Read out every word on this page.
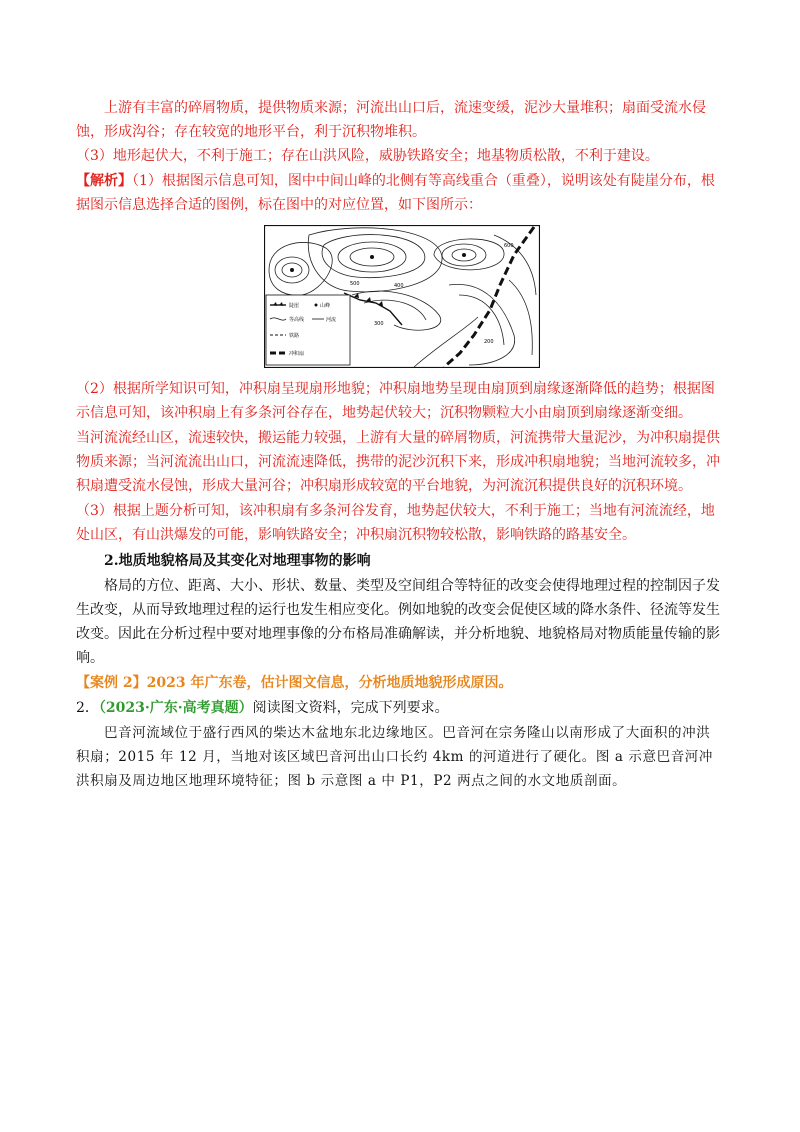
上游有丰富的碎屑物质，提供物质来源；河流出山口后，流速变缓，泥沙大量堆积；扇面受流水侵蚀，形成沟谷；存在较宽的地形平台，利于沉积物堆积。
（3）地形起伏大，不利于施工；存在山洪风险，威胁铁路安全；地基物质松散，不利于建设。
【解析】（1）根据图示信息可知，图中中间山峰的北侧有等高线重合（重叠），说明该处有陡崖分布，根据图示信息选择合适的图例，标在图中的对应位置，如下图所示：
500	400
300
200
600
陡崖	山峰
等高线	河流
铁路
冲积扇
（2）根据所学知识可知，冲积扇呈现扇形地貌；冲积扇地势呈现由扇顶到扇缘逐渐降低的趋势；根据图示信息可知，该冲积扇上有多条河谷存在，地势起伏较大；沉积物颗粒大小由扇顶到扇缘逐渐变细。
当河流流经山区，流速较快，搬运能力较强，上游有大量的碎屑物质，河流携带大量泥沙，为冲积扇提供物质来源；当河流流出山口，河流流速降低，携带的泥沙沉积下来，形成冲积扇地貌；当地河流较多，冲积扇遭受流水侵蚀，形成大量河谷；冲积扇形成较宽的平台地貌，为河流沉积提供良好的沉积环境。
（3）根据上题分析可知，该冲积扇有多条河谷发育，地势起伏较大，不利于施工；当地有河流流经，地处山区，有山洪爆发的可能，影响铁路安全；冲积扇沉积物较松散，影响铁路的路基安全。
2.地质地貌格局及其变化对地理事物的影响
格局的方位、距离、大小、形状、数量、类型及空间组合等特征的改变会使得地理过程的控制因子发生改变，从而导致地理过程的运行也发生相应变化。例如地貌的改变会促使区域的降水条件、径流等发生改变。因此在分析过程中要对地理事像的分布格局准确解读，并分析地貌、地貌格局对物质能量传输的影响。
【案例 2】2023 年广东卷，估计图文信息，分析地质地貌形成原因。
2．（2023·广东·高考真题）阅读图文资料，完成下列要求。
巴音河流域位于盛行西风的柴达木盆地东北边缘地区。巴音河在宗务隆山以南形成了大面积的冲洪积扇；2015 年 12 月，当地对该区域巴音河出山口长约 4km 的河道进行了硬化。图 a 示意巴音河冲洪积扇及周边地区地理环境特征；图 b 示意图 a 中 P1，P2 两点之间的水文地质剖面。
